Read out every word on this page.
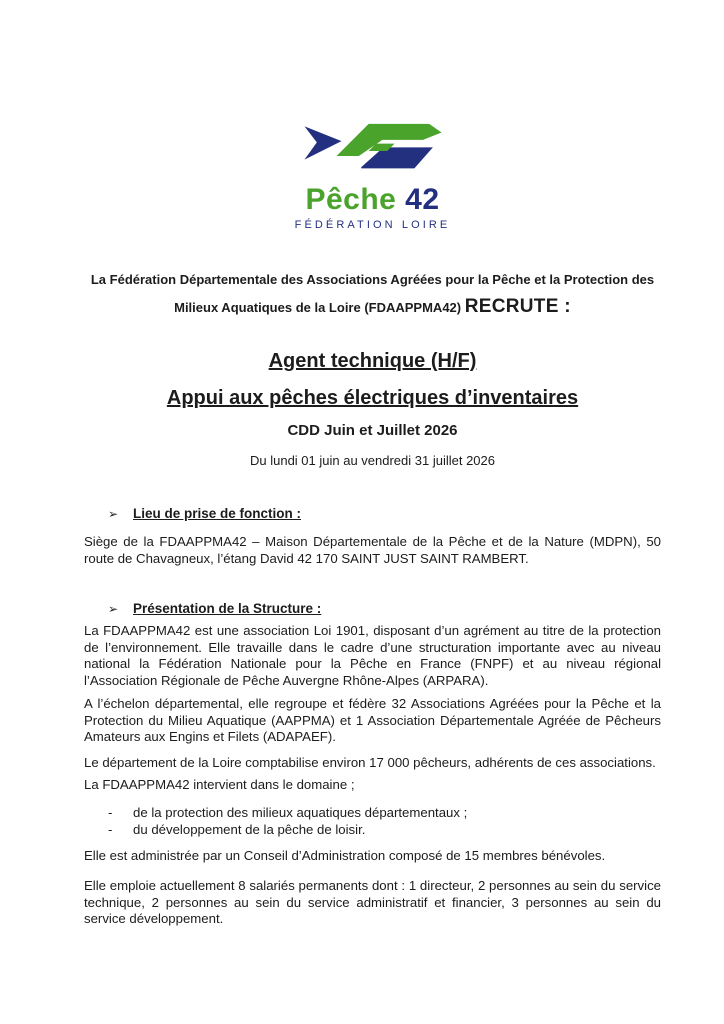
Pêche 42
FÉDÉRATION LOIRE
La Fédération Départementale des Associations Agréées pour la Pêche et la Protection des
Milieux Aquatiques de la Loire (FDAAPPMA42) RECRUTE :
Agent technique (H/F)
Appui aux pêches électriques d’inventaires
CDD Juin et Juillet 2026
Du lundi 01 juin au vendredi 31 juillet 2026
➢	Lieu de prise de fonction :

Siège de la FDAAPPMA42 – Maison Départementale de la Pêche et de la Nature (MDPN), 50 route de Chavagneux, l’étang David 42 170 SAINT JUST SAINT RAMBERT.

➢	Présentation de la Structure :

La FDAAPPMA42 est une association Loi 1901, disposant d’un agrément au titre de la protection de l’environnement. Elle travaille dans le cadre d’une structuration importante avec au niveau national la Fédération Nationale pour la Pêche en France (FNPF) et au niveau régional l’Association Régionale de Pêche Auvergne Rhône-Alpes (ARPARA).

A l’échelon départemental, elle regroupe et fédère 32 Associations Agréées pour la Pêche et la Protection du Milieu Aquatique (AAPPMA) et 1 Association Départementale Agréée de Pêcheurs Amateurs aux Engins et Filets (ADAPAEF).

Le département de la Loire comptabilise environ 17 000 pêcheurs, adhérents de ces associations.

La FDAAPPMA42 intervient dans le domaine ;

-	de la protection des milieux aquatiques départementaux ;
-	du développement de la pêche de loisir.

Elle est administrée par un Conseil d’Administration composé de 15 membres bénévoles.

Elle emploie actuellement 8 salariés permanents dont : 1 directeur, 2 personnes au sein du service technique, 2 personnes au sein du service administratif et financier, 3 personnes au sein du service développement.
